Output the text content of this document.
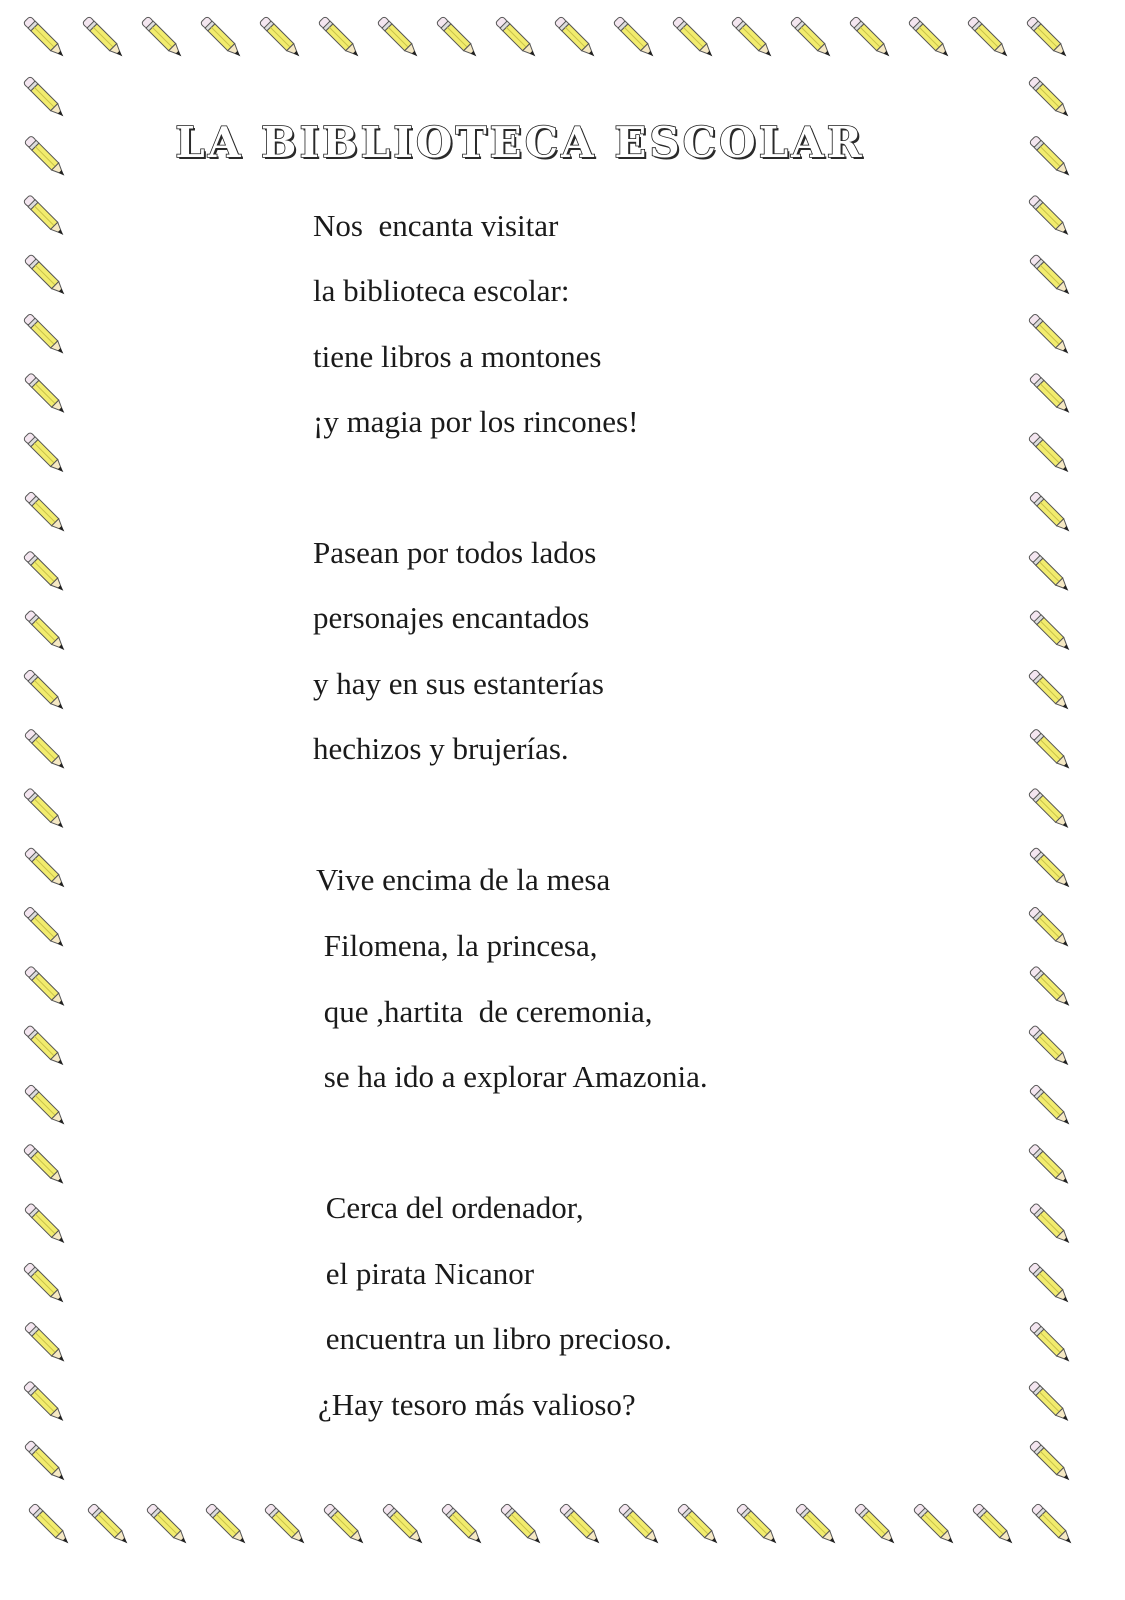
LA BIBLIOTECA ESCOLAR
Nos  encanta visitar
la biblioteca escolar:
tiene libros a montones
¡y magia por los rincones!
Pasean por todos lados
personajes encantados
y hay en sus estanterías
hechizos y brujerías.
Vive encima de la mesa
Filomena, la princesa,
que ,hartita  de ceremonia,
se ha ido a explorar Amazonia.
Cerca del ordenador,
el pirata Nicanor
encuentra un libro precioso.
¿Hay tesoro más valioso?
